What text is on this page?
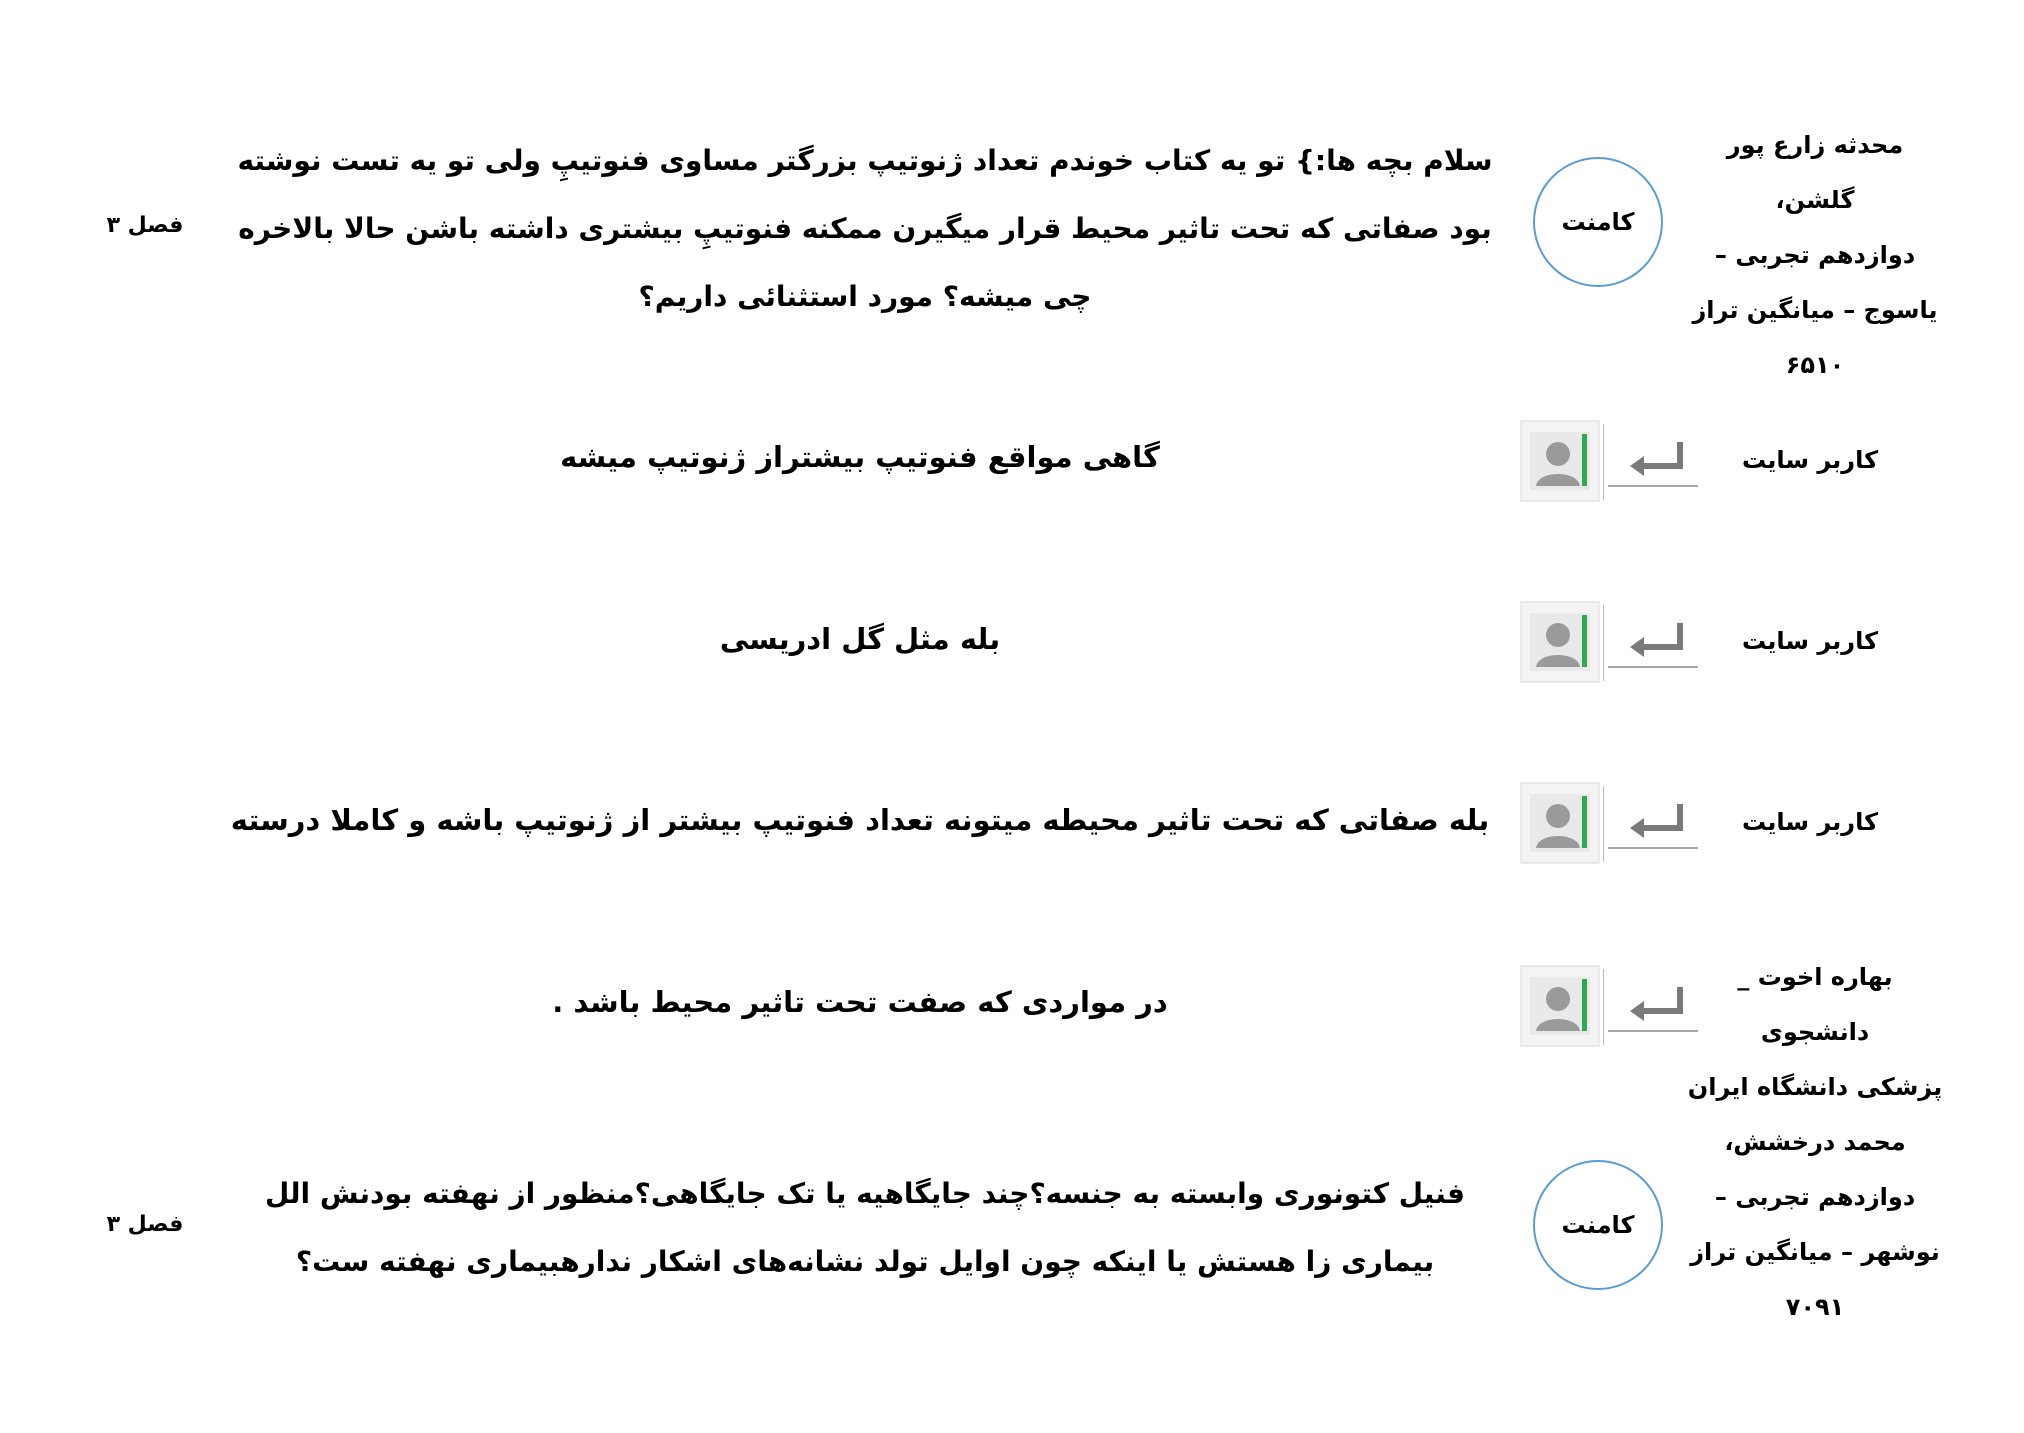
محدثه زارع پور گلشن،
دوازدهم تجربی –
یاسوج – میانگین تراز
۶۵۱۰
کامنت
سلام بچه ها:} تو یه کتاب خوندم تعداد ژنوتیپ بزرگتر مساوی فنوتیپِ ولی تو یه تست نوشته بود صفاتی که تحت تاثیر محیط قرار میگیرن ممکنه فنوتیپِ بیشتری داشته باشن حالا بالاخره چی میشه؟ مورد استثنائی داریم؟
فصل ۳
کاربر سایت
گاهی مواقع فنوتیپ بیشتراز ژنوتیپ میشه
کاربر سایت
بله مثل گل ادریسی
کاربر سایت
بله صفاتی که تحت تاثیر محیطه میتونه تعداد فنوتیپ بیشتر از ژنوتیپ باشه و کاملا درسته
بهاره اخوت _ دانشجوی
پزشکی دانشگاه ایران
در مواردی که صفت تحت تاثیر محیط باشد .
محمد درخشش،
دوازدهم تجربی –
نوشهر – میانگین تراز
۷۰۹۱
کامنت
فنیل کتونوری وابسته به جنسه؟چند جایگاهیه یا تک جایگاهی؟منظور از نهفته بودنش الل بیماری زا هستش یا اینکه چون اوایل تولد نشانه‌های اشکار ندارهبیماری نهفته ست؟
فصل ۳
